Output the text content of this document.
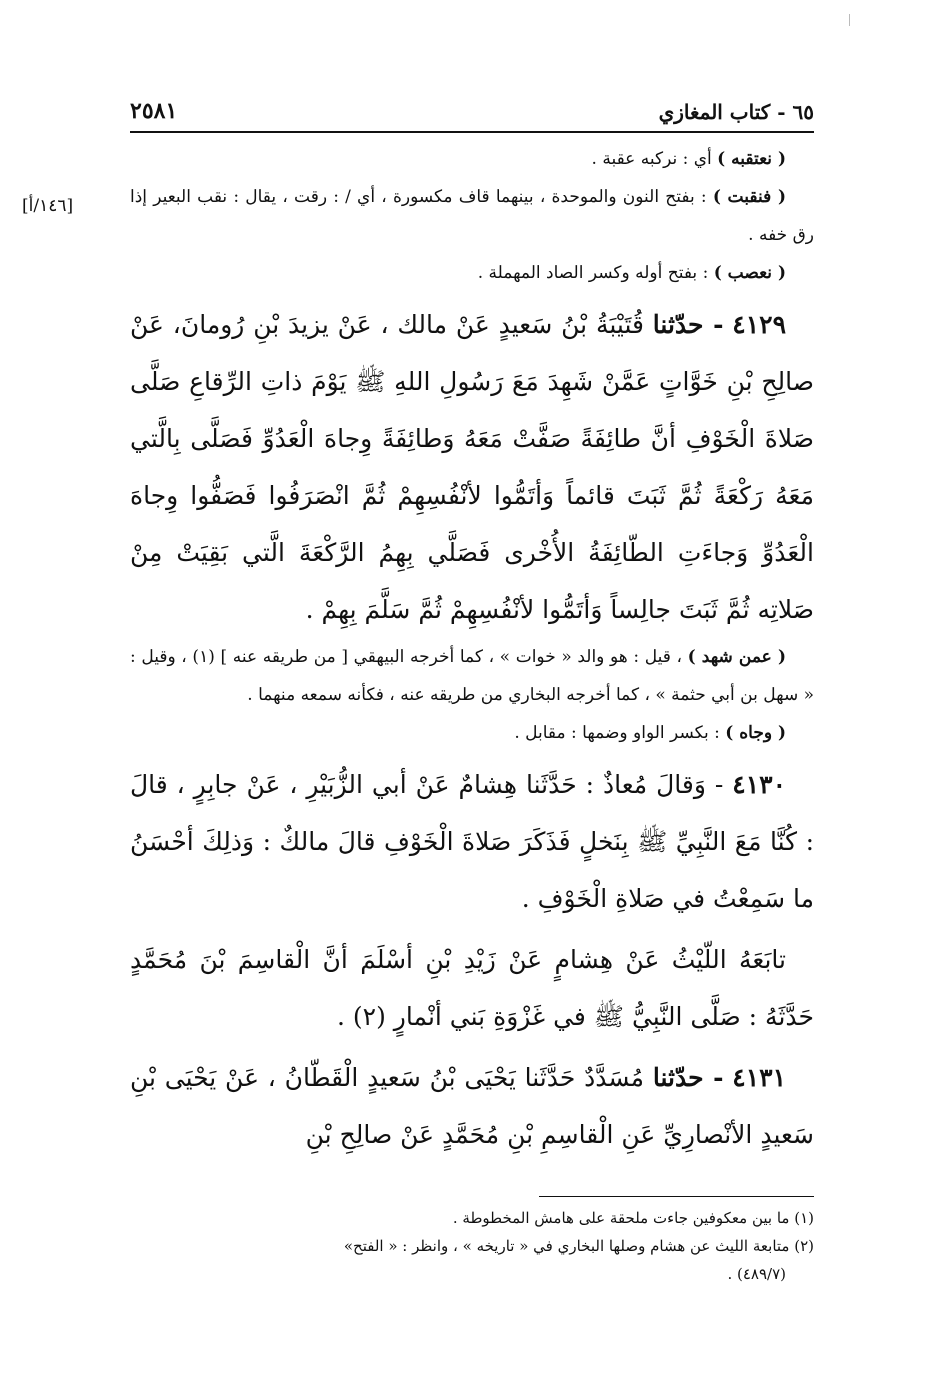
٦٥ - كتاب المغازي
٢٥٨١
[١٤٦/أ]

( نعتقبه ) أي : نركبه عقبة .

( فنقبت ) : بفتح النون والموحدة ، بينهما قاف مكسورة ، أي / : رقت ، يقال : نقب البعير إذا رق خفه .

( نعصب ) : بفتح أوله وكسر الصاد المهملة .

٤١٢٩ - حدّثنا قُتَيْبَةُ بْنُ سَعيدٍ عَنْ مالك ، عَنْ يزيدَ بْنِ رُومانَ، عَنْ صالِحِ بْنِ خَوَّاتٍ عَمَّنْ شَهِدَ مَعَ رَسُولِ اللهِ ﷺ يَوْمَ ذاتِ الرِّقاعِ صَلَّى صَلاةَ الْخَوْفِ أنَّ طائِفَةً صَفَّتْ مَعَهُ وَطائِفَةً وِجاهَ الْعَدُوِّ فَصَلَّى بِالَّتي مَعَهُ رَكْعَةً ثُمَّ ثَبَتَ قائماً وَأتَمُّوا لأنْفُسِهِمْ ثُمَّ انْصَرَفُوا فَصَفُّوا وِجاهَ الْعَدُوِّ وَجاءَتِ الطّائِفَةُ الأُخْرى فَصَلَّي بِهِمُ الرَّكْعَةَ الَّتي بَقِيَتْ مِنْ صَلاتِه ثُمَّ ثَبَتَ جالِساً وَأتَمُّوا لأنْفُسِهِمْ ثُمَّ سَلَّمَ بِهِمْ .

( عمن شهد ) ، قيل : هو والد « خوات » ، كما أخرجه البيهقي [ من طريقه عنه ] (١) ، وقيل : « سهل بن أبي حثمة » ، كما أخرجه البخاري من طريقه عنه ، فكأنه سمعه منهما .

( وجاه ) : بكسر الواو وضمها : مقابل .

٤١٣٠ - وَقالَ مُعاذٌ : حَدَّثَنا هِشامٌ عَنْ أبي الزُّبَيْرِ ، عَنْ جابِرٍ ، قالَ : كُنَّا مَعَ النَّبِيِّ ﷺ بِنَخلٍ فَذَكَرَ صَلاةَ الْخَوْفِ قالَ مالكٌ : وَذلِكَ أحْسَنُ ما سَمِعْتُ في صَلاةِ الْخَوْفِ .

تابَعَهُ اللّيْثُ عَنْ هِشامٍ عَنْ زَيْدِ بْنِ أسْلَمَ أنَّ الْقاسِمَ بْنَ مُحَمَّدٍ حَدَّثَهُ : صَلَّى النَّبِيُّ ﷺ في غَزْوَةِ بَني أنْمارٍ (٢) .

٤١٣١ - حدّثنا مُسَدَّدٌ حَدَّثَنا يَحْيَى بْنُ سَعيدٍ الْقَطّانُ ، عَنْ يَحْيَى بْنِ سَعيدٍ الأنْصارِيِّ عَنِ الْقاسِمِ بْنِ مُحَمَّدٍ عَنْ صالِحِ بْنِ

(١) ما بين معكوفين جاءت ملحقة على هامش المخطوطة .

(٢) متابعة الليث عن هشام وصلها البخاري في « تاريخه » ، وانظر : « الفتح»

(٤٨٩/٧) .
